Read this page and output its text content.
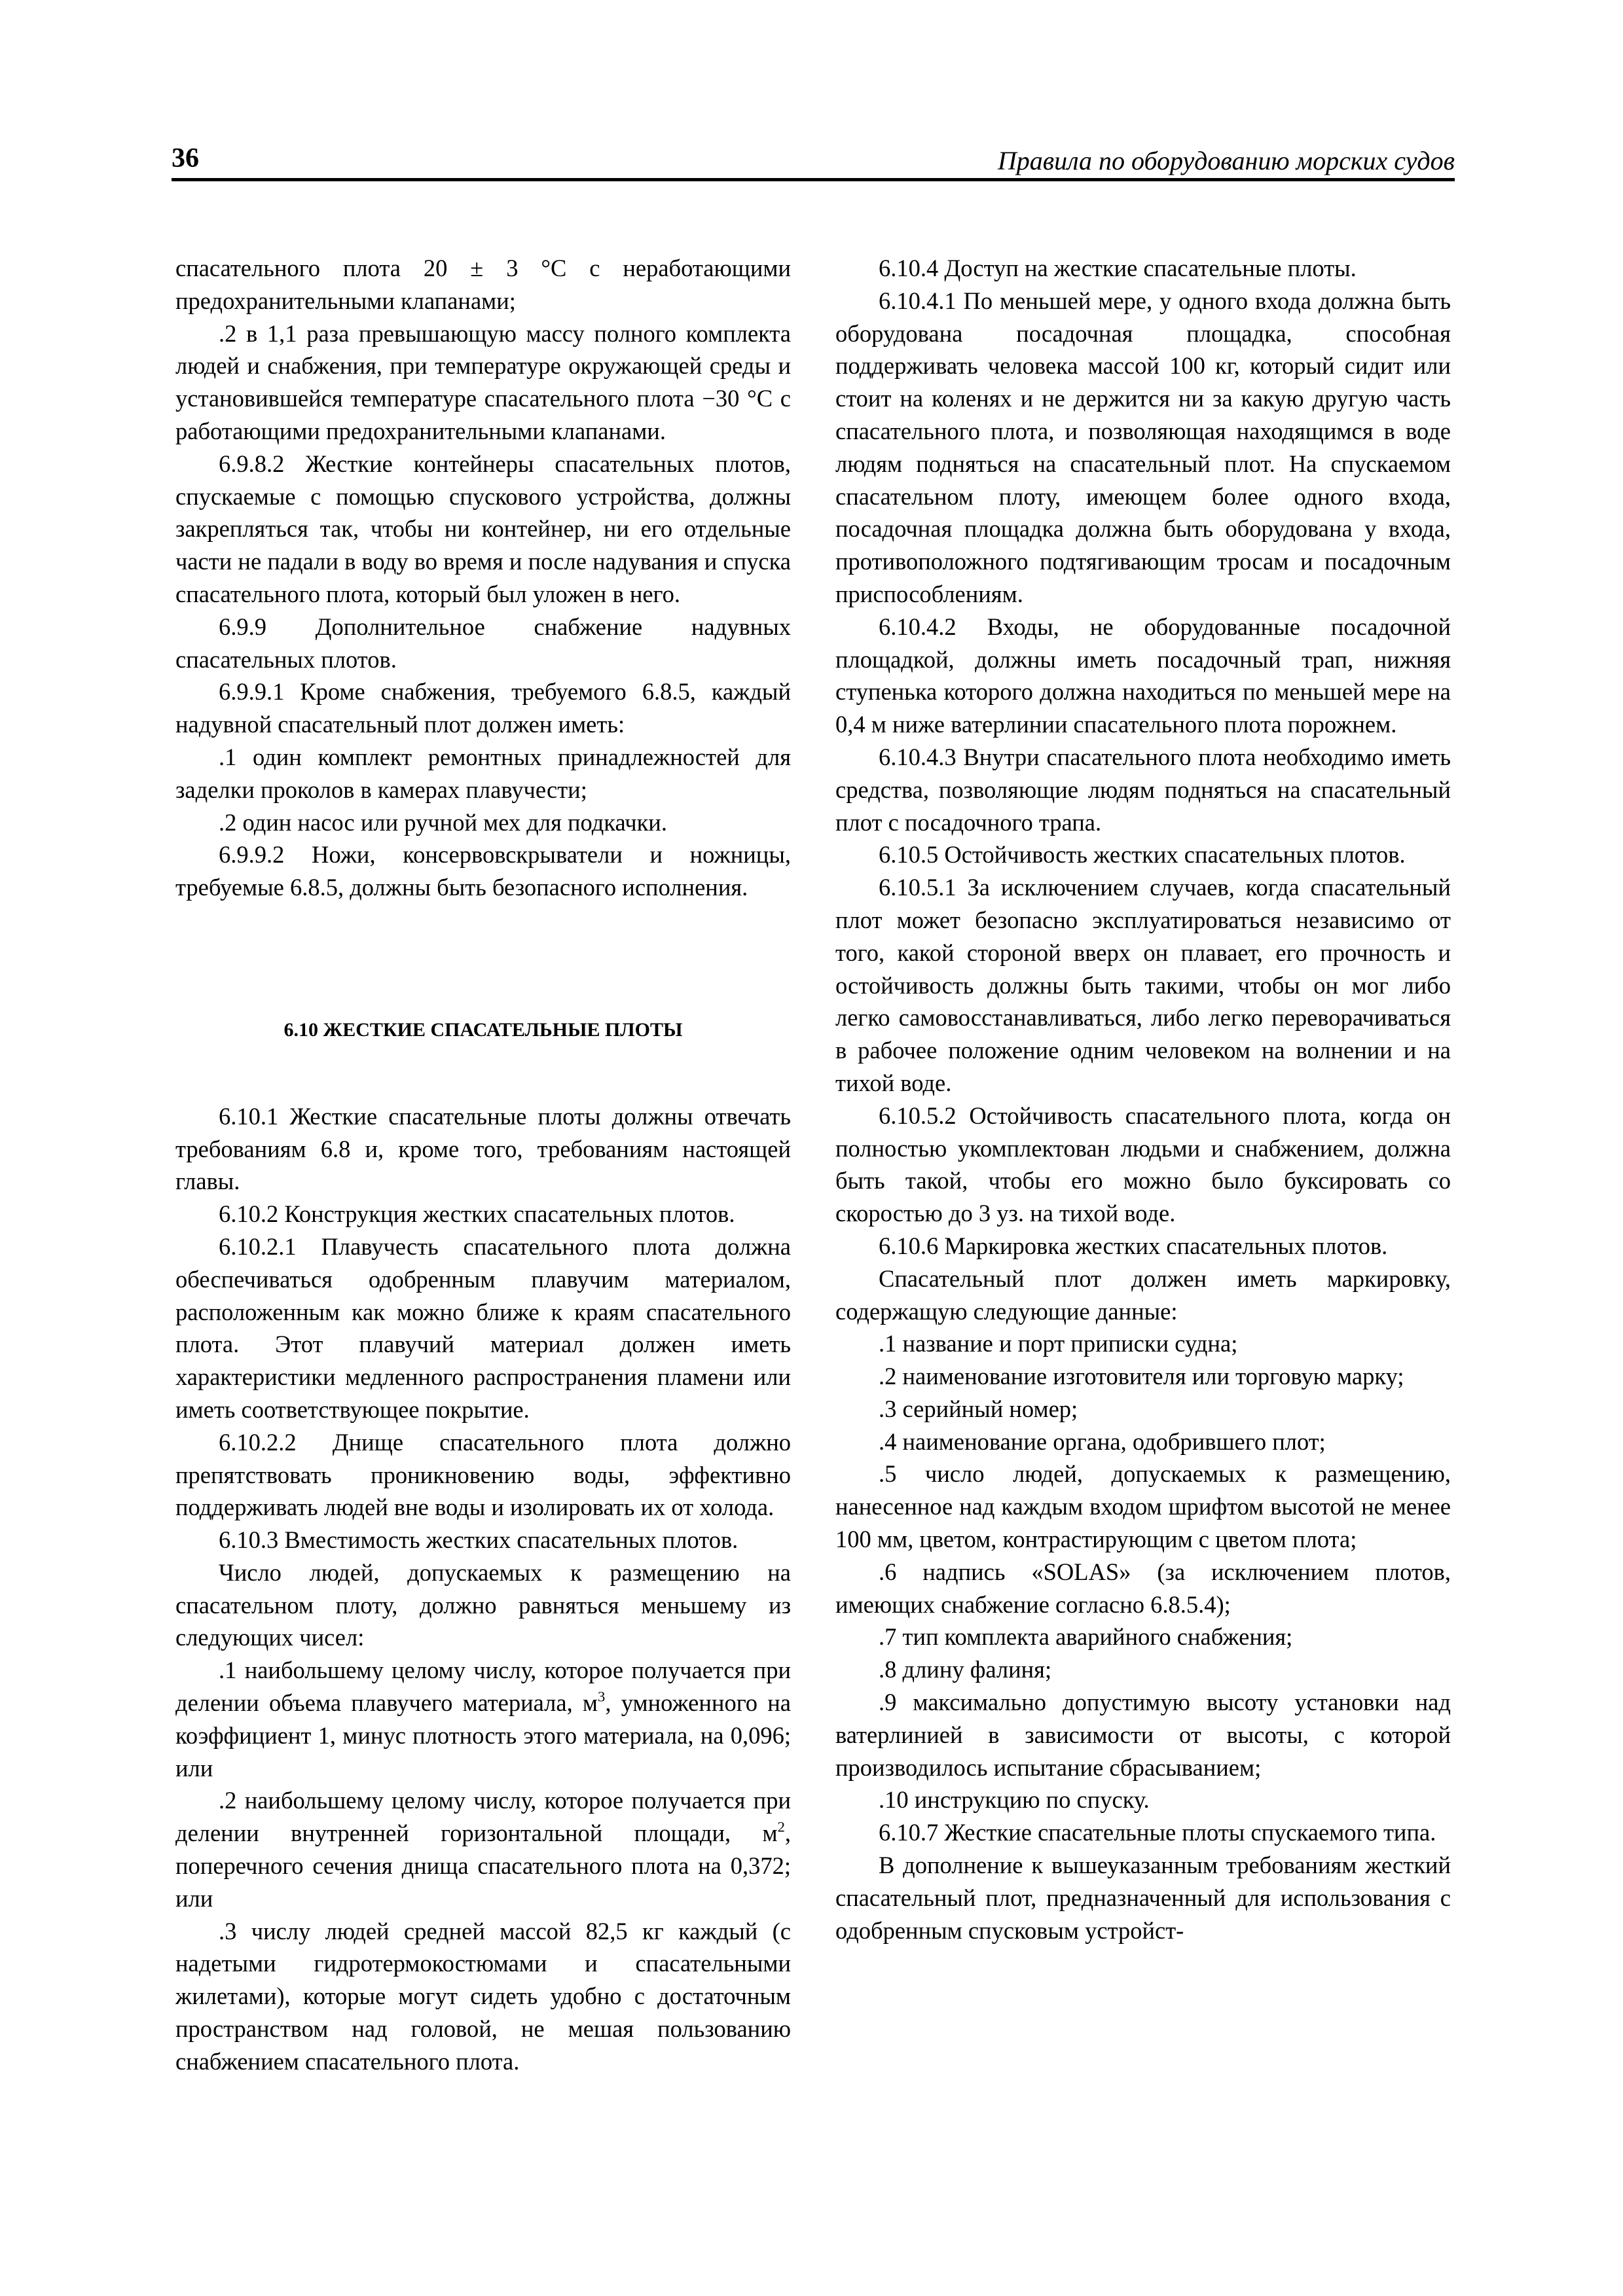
36	Правила по оборудованию морских судов

спасательного плота 20 ± 3 °С с неработающими предохранительными клапанами;

.2 в 1,1 раза превышающую массу полного комплекта людей и снабжения, при температуре окружающей среды и установившейся температуре спасательного плота −30 °С с работающими предохранительными клапанами.

6.9.8.2 Жесткие контейнеры спасательных плотов, спускаемые с помощью спускового устройства, должны закрепляться так, чтобы ни контейнер, ни его отдельные части не падали в воду во время и после надувания и спуска спасательного плота, который был уложен в него.

6.9.9 Дополнительное снабжение надувных спасательных плотов.

6.9.9.1 Кроме снабжения, требуемого 6.8.5, каждый надувной спасательный плот должен иметь:

.1 один комплект ремонтных принадлежностей для заделки проколов в камерах плавучести;

.2 один насос или ручной мех для подкачки.

6.9.9.2 Ножи, консервовскрыватели и ножницы, требуемые 6.8.5, должны быть безопасного исполнения.

6.10 ЖЕСТКИЕ СПАСАТЕЛЬНЫЕ ПЛОТЫ

6.10.1 Жесткие спасательные плоты должны отвечать требованиям 6.8 и, кроме того, требованиям настоящей главы.

6.10.2 Конструкция жестких спасательных плотов.

6.10.2.1 Плавучесть спасательного плота должна обеспечиваться одобренным плавучим материалом, расположенным как можно ближе к краям спасательного плота. Этот плавучий материал должен иметь характеристики медленного распространения пламени или иметь соответствующее покрытие.

6.10.2.2 Днище спасательного плота должно препятствовать проникновению воды, эффективно поддерживать людей вне воды и изолировать их от холода.

6.10.3 Вместимость жестких спасательных плотов.

Число людей, допускаемых к размещению на спасательном плоту, должно равняться меньшему из следующих чисел:

.1 наибольшему целому числу, которое получается при делении объема плавучего материала, $м^3$, умноженного на коэффициент 1, минус плотность этого материала, на 0,096; или

.2 наибольшему целому числу, которое получается при делении внутренней горизонтальной площади, $м^2$, поперечного сечения днища спасательного плота на 0,372; или

.3 числу людей средней массой 82,5 кг каждый (с надетыми гидротермокостюмами и спасательными жилетами), которые могут сидеть удобно с достаточным пространством над головой, не мешая пользованию снабжением спасательного плота.

6.10.4 Доступ на жесткие спасательные плоты.

6.10.4.1 По меньшей мере, у одного входа должна быть оборудована посадочная площадка, способная поддерживать человека массой 100 кг, который сидит или стоит на коленях и не держится ни за какую другую часть спасательного плота, и позволяющая находящимся в воде людям подняться на спасательный плот. На спускаемом спасательном плоту, имеющем более одного входа, посадочная площадка должна быть оборудована у входа, противоположного подтягивающим тросам и посадочным приспособлениям.

6.10.4.2 Входы, не оборудованные посадочной площадкой, должны иметь посадочный трап, нижняя ступенька которого должна находиться по меньшей мере на 0,4 м ниже ватерлинии спасательного плота порожнем.

6.10.4.3 Внутри спасательного плота необходимо иметь средства, позволяющие людям подняться на спасательный плот с посадочного трапа.

6.10.5 Остойчивость жестких спасательных плотов.

6.10.5.1 За исключением случаев, когда спасательный плот может безопасно эксплуатироваться независимо от того, какой стороной вверх он плавает, его прочность и остойчивость должны быть такими, чтобы он мог либо легко самовосстанавливаться, либо легко переворачиваться в рабочее положение одним человеком на волнении и на тихой воде.

6.10.5.2 Остойчивость спасательного плота, когда он полностью укомплектован людьми и снабжением, должна быть такой, чтобы его можно было буксировать со скоростью до 3 уз. на тихой воде.

6.10.6 Маркировка жестких спасательных плотов.

Спасательный плот должен иметь маркировку, содержащую следующие данные:

.1 название и порт приписки судна;

.2 наименование изготовителя или торговую марку;

.3 серийный номер;

.4 наименование органа, одобрившего плот;

.5 число людей, допускаемых к размещению, нанесенное над каждым входом шрифтом высотой не менее 100 мм, цветом, контрастирующим с цветом плота;

.6 надпись «SOLAS» (за исключением плотов, имеющих снабжение согласно 6.8.5.4);

.7 тип комплекта аварийного снабжения;

.8 длину фалиня;

.9 максимально допустимую высоту установки над ватерлинией в зависимости от высоты, с которой производилось испытание сбрасыванием;

.10 инструкцию по спуску.

6.10.7 Жесткие спасательные плоты спускаемого типа.

В дополнение к вышеуказанным требованиям жесткий спасательный плот, предназначенный для использования с одобренным спусковым устройст-
